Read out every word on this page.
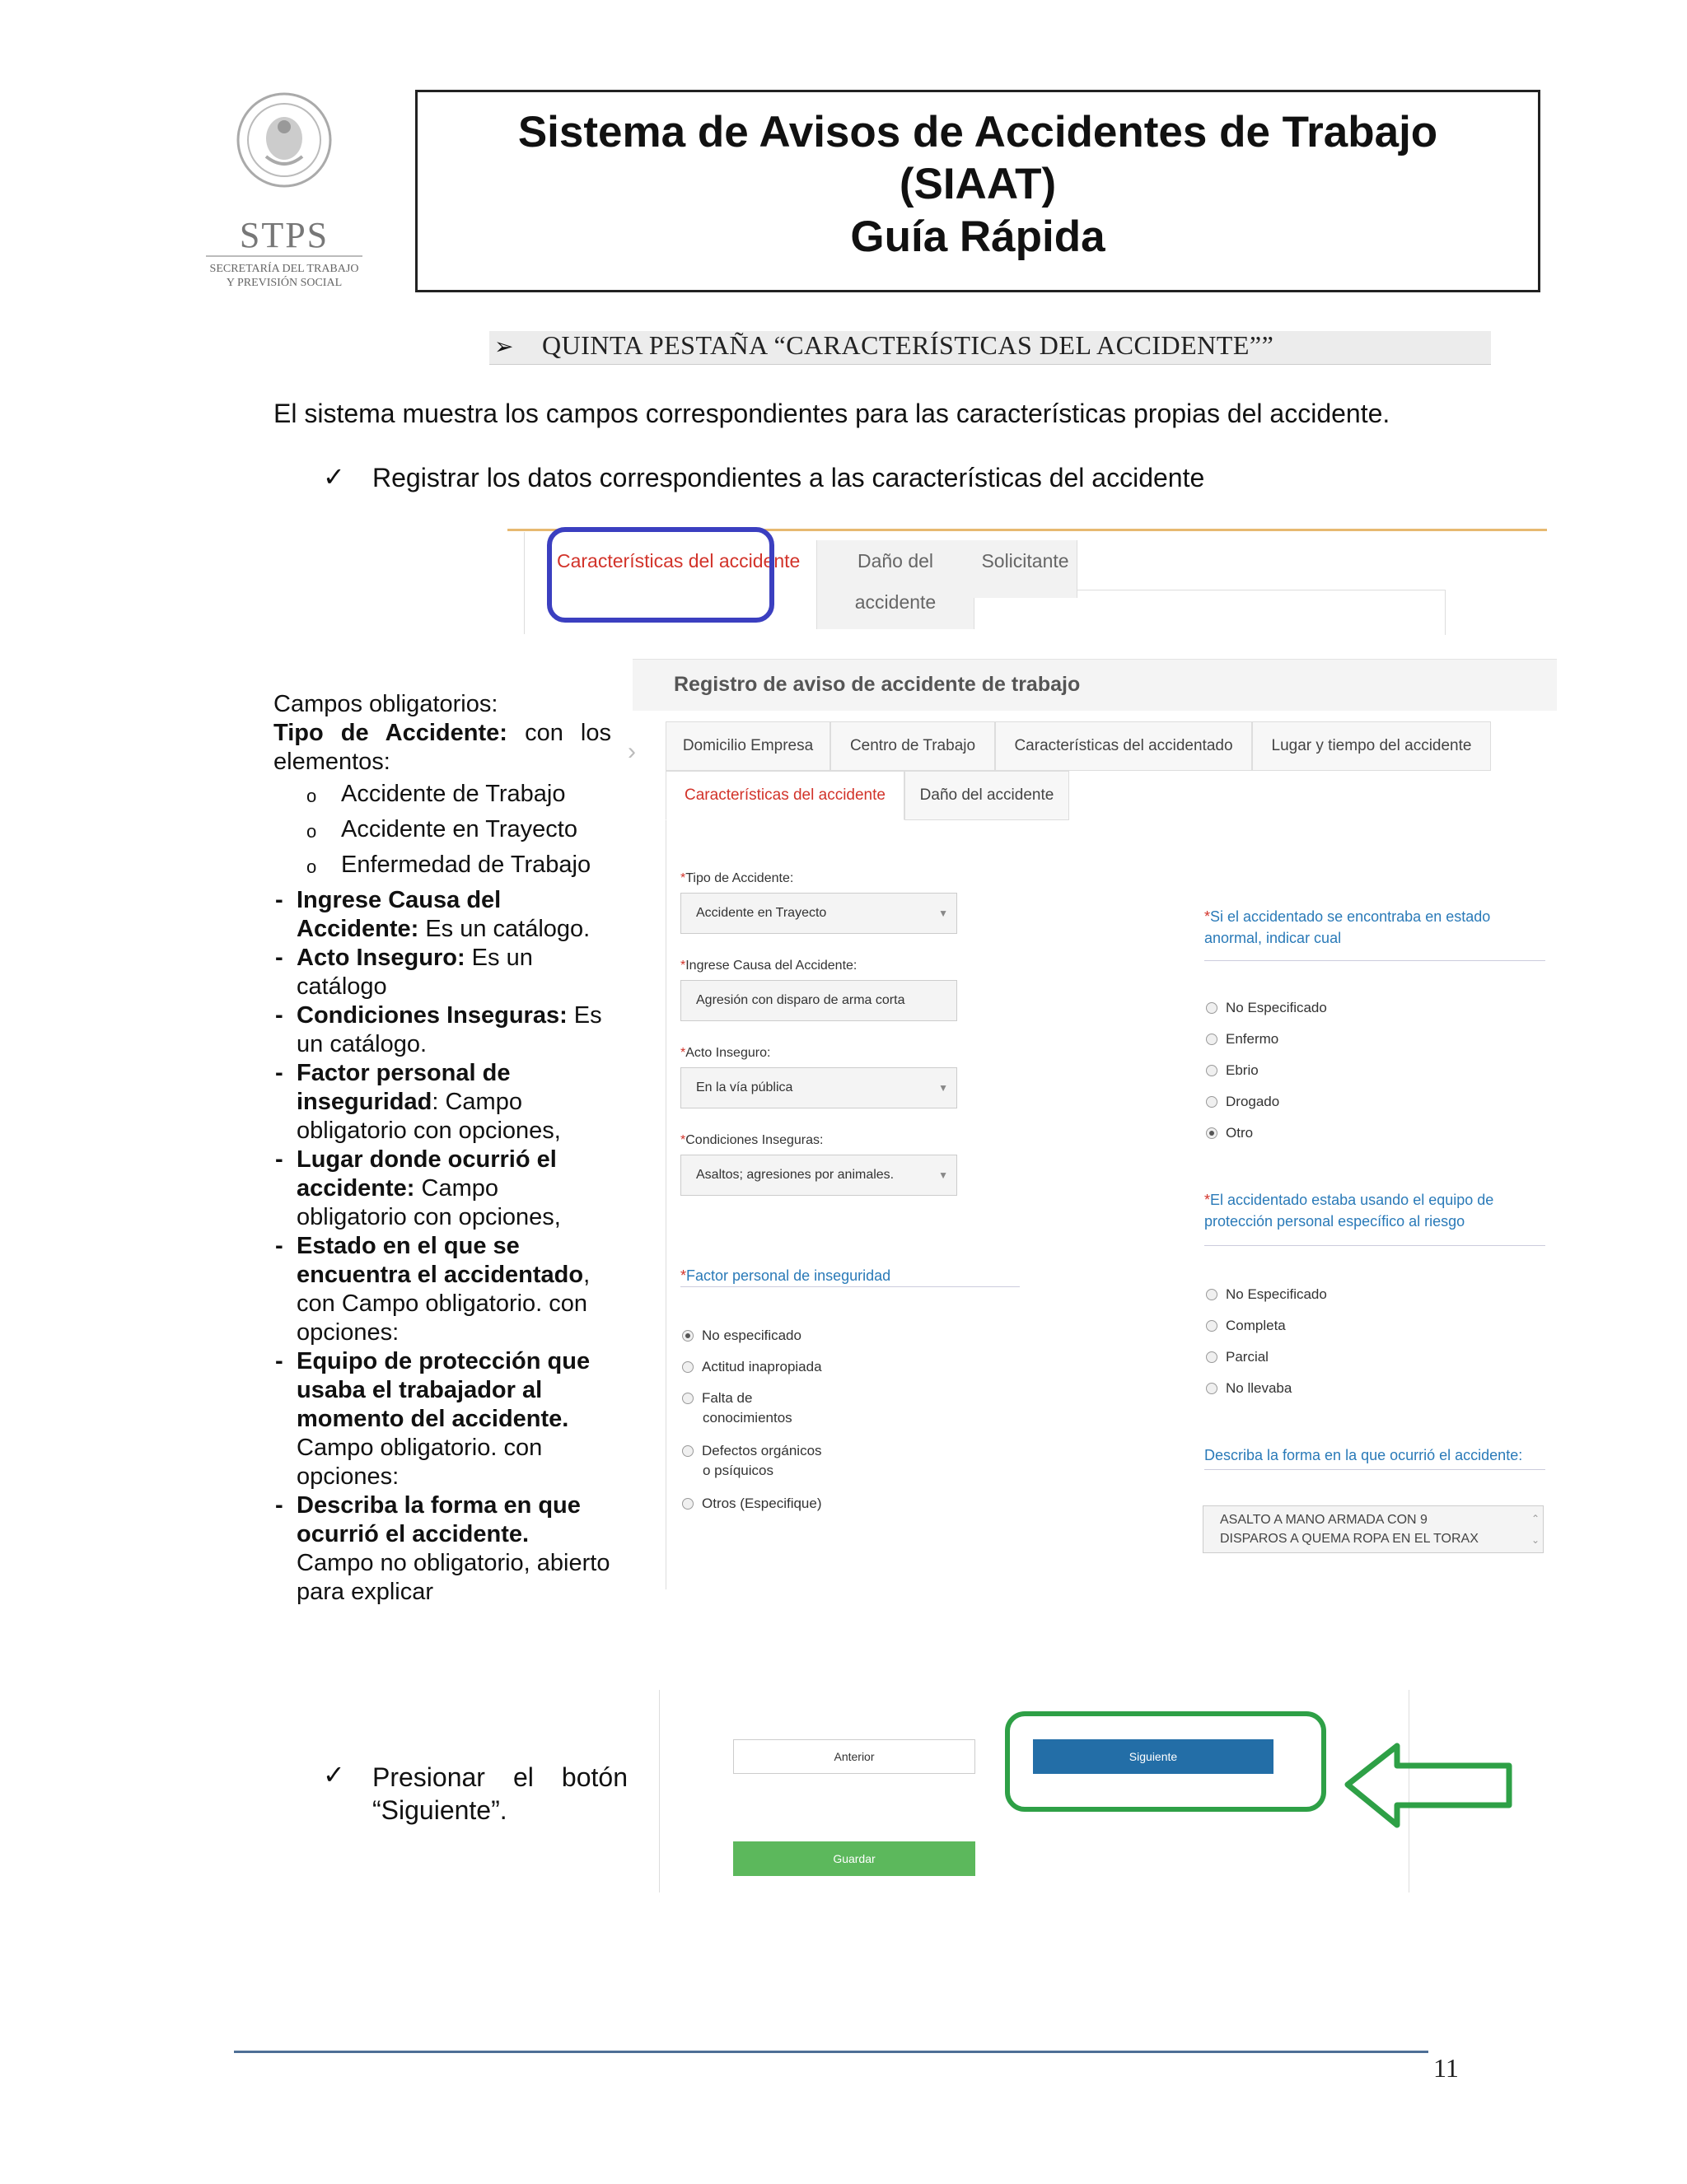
STPS
SECRETARÍA DEL TRABAJO
Y PREVISIÓN SOCIAL
Sistema de Avisos de Accidentes de Trabajo
(SIAAT)
Guía Rápida
➢ QUINTA PESTAÑA “CARACTERÍSTICAS DEL ACCIDENTE””
El sistema muestra los campos correspondientes para las características propias del accidente.
✓ Registrar los datos correspondientes a las características del accidente
Características del accidente	Daño del accidente
Solicitante

Campos obligatorios:

Tipo de Accidente: con los

elementos:

o Accidente de Trabajo
o Accidente en Trayecto
o Enfermedad de Trabajo
- Ingrese Causa del Accidente: Es un catálogo.
- Acto Inseguro: Es un catálogo
- Condiciones Inseguras: Es un catálogo.
- Factor personal de inseguridad: Campo obligatorio con opciones,
- Lugar donde ocurrió el accidente: Campo obligatorio con opciones,
- Estado en el que se encuentra el accidentado, con Campo obligatorio. con opciones:
- Equipo de protección que usaba el trabajador al momento del accidente. Campo obligatorio. con opciones:
- Describa la forma en que ocurrió el accidente. Campo no obligatorio, abierto para explicar
Registro de aviso de accidente de trabajo
›	Domicilio Empresa	Centro de Trabajo	Características del accidentado	Lugar y tiempo del accidente
Características del accidente	Daño del accidente
*Tipo de Accidente:
Accidente en Trayecto	▼
*Ingrese Causa del Accidente:
Agresión con disparo de arma corta
*Acto Inseguro:
En la vía pública	▼
*Condiciones Inseguras:
Asaltos; agresiones por animales.	▼
*Factor personal de inseguridad
No especificado
Actitud inapropiada
Falta de
conocimientos
Defectos orgánicos
o psíquicos
Otros (Especifique)
*Si el accidentado se encontraba en estado
anormal, indicar cual
No Especificado
Enfermo
Ebrio
Drogado
Otro
*El accidentado estaba usando el equipo de
protección personal específico al riesgo
No Especificado
Completa
Parcial
No llevaba
Describa la forma en la que ocurrió el accidente:
ASALTO A MANO ARMADA CON 9
DISPAROS A QUEMA ROPA EN EL TORAX
⌃
⌄
✓ Presionar el botón
“Siguiente”.
Anterior	Siguiente
Guardar
11
